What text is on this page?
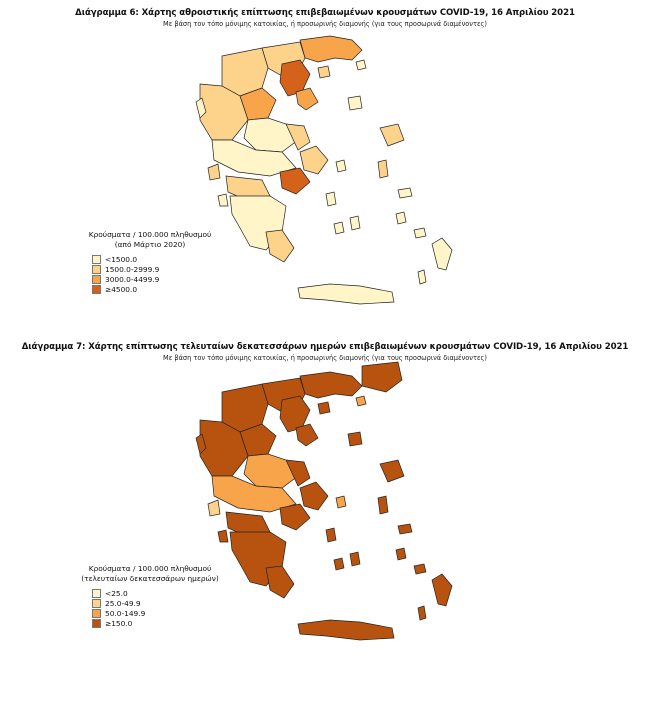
Διάγραμμα 6: Χάρτης αθροιστικής επίπτωσης επιβεβαιωμένων κρουσμάτων COVID-19, 16 Απριλίου 2021
Με βάση τον τόπο μόνιμης κατοικίας, ή προσωρινής διαμονής (για τους προσωρινά διαμένοντες)
Κρούσματα / 100.000 πληθυσμού
(από Μάρτιο 2020)
<1500.0
1500.0-2999.9
3000.0-4499.9
≥4500.0
Διάγραμμα 7: Χάρτης επίπτωσης τελευταίων δεκατεσσάρων ημερών επιβεβαιωμένων κρουσμάτων COVID-19, 16 Απριλίου 2021
Με βάση τον τόπο μόνιμης κατοικίας, ή προσωρινής διαμονής (για τους προσωρινά διαμένοντες)
Κρούσματα / 100.000 πληθυσμού
(τελευταίων δεκατεσσάρων ημερών)
<25.0
25.0-49.9
50.0-149.9
≥150.0
